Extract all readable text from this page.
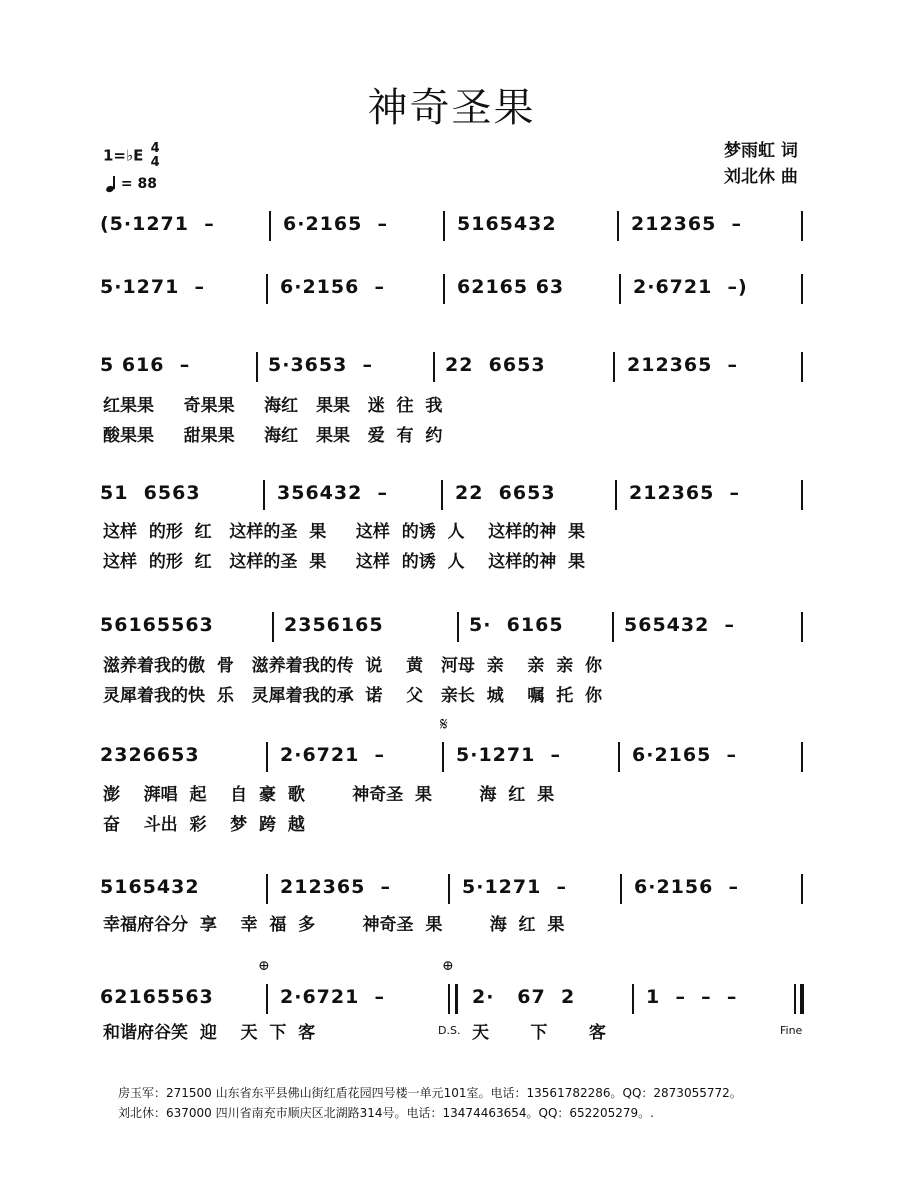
神奇圣果
1=♭E 4
4
= 88
梦雨虹 词
刘北休 曲
(5·1271  –	6·2165  –	5165432	212365  –
5·1271  –	6·2156  –	62165 63	2·6721  –)
5 616  –	5·3653  –	22  6653	212365  –
红果果     奇果果     海红   果果   迷  往  我
酸果果     甜果果     海红   果果   爱  有  约
51  6563	356432  –	22  6653	212365  –
这样  的形  红   这样的圣  果     这样  的诱  人    这样的神  果
这样  的形  红   这样的圣  果     这样  的诱  人    这样的神  果
56165563	2356165	5·  6165	565432  –
滋养着我的傲  骨   滋养着我的传  说    黄   河母  亲    亲  亲  你
灵犀着我的快  乐   灵犀着我的承  诺    父   亲长  城    嘱  托  你
𝄋
2326653	2·6721  –	5·1271  –	6·2165  –
澎    湃唱  起    自  豪  歌        神奇圣  果        海  红  果
奋    斗出  彩    梦  跨  越
5165432	212365  –	5·1271  –	6·2156  –
幸福府谷分  享    幸  福  多        神奇圣  果        海  红  果
⊕	⊕
62165563	2·6721  –	2·   67  2	1  –  –  –
和谐府谷笑  迎    天  下  客	D.S. 天       下       客	Fine
房玉军：271500 山东省东平县佛山街红盾花园四号楼一单元101室。电话：13561782286。QQ：2873055772。
刘北休：637000 四川省南充市顺庆区北湖路314号。电话：13474463654。QQ：652205279。.
